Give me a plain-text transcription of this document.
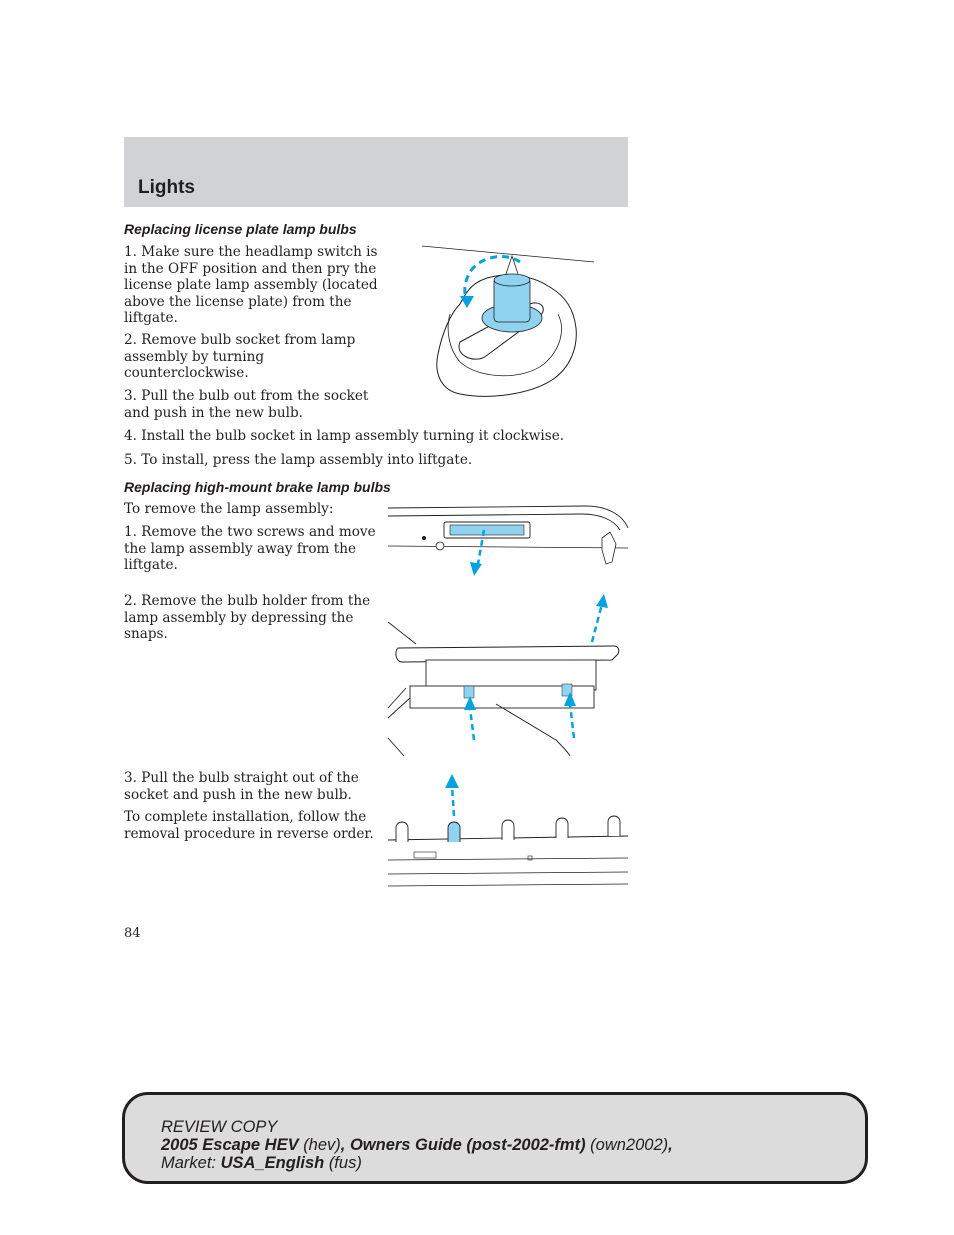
Lights
Replacing license plate lamp bulbs
1. Make sure the headlamp switch is in the OFF position and then pry the license plate lamp assembly (located above the license plate) from the liftgate.
2. Remove bulb socket from lamp assembly by turning counterclockwise.
3. Pull the bulb out from the socket and push in the new bulb.
4. Install the bulb socket in lamp assembly turning it clockwise.
5. To install, press the lamp assembly into liftgate.
Replacing high-mount brake lamp bulbs
To remove the lamp assembly:
1. Remove the two screws and move the lamp assembly away from the liftgate.
2. Remove the bulb holder from the lamp assembly by depressing the snaps.
3. Pull the bulb straight out of the socket and push in the new bulb.
To complete installation, follow the removal procedure in reverse order.
84
REVIEW COPY
2005 Escape HEV (hev), Owners Guide (post-2002-fmt) (own2002),
Market: USA_English (fus)
